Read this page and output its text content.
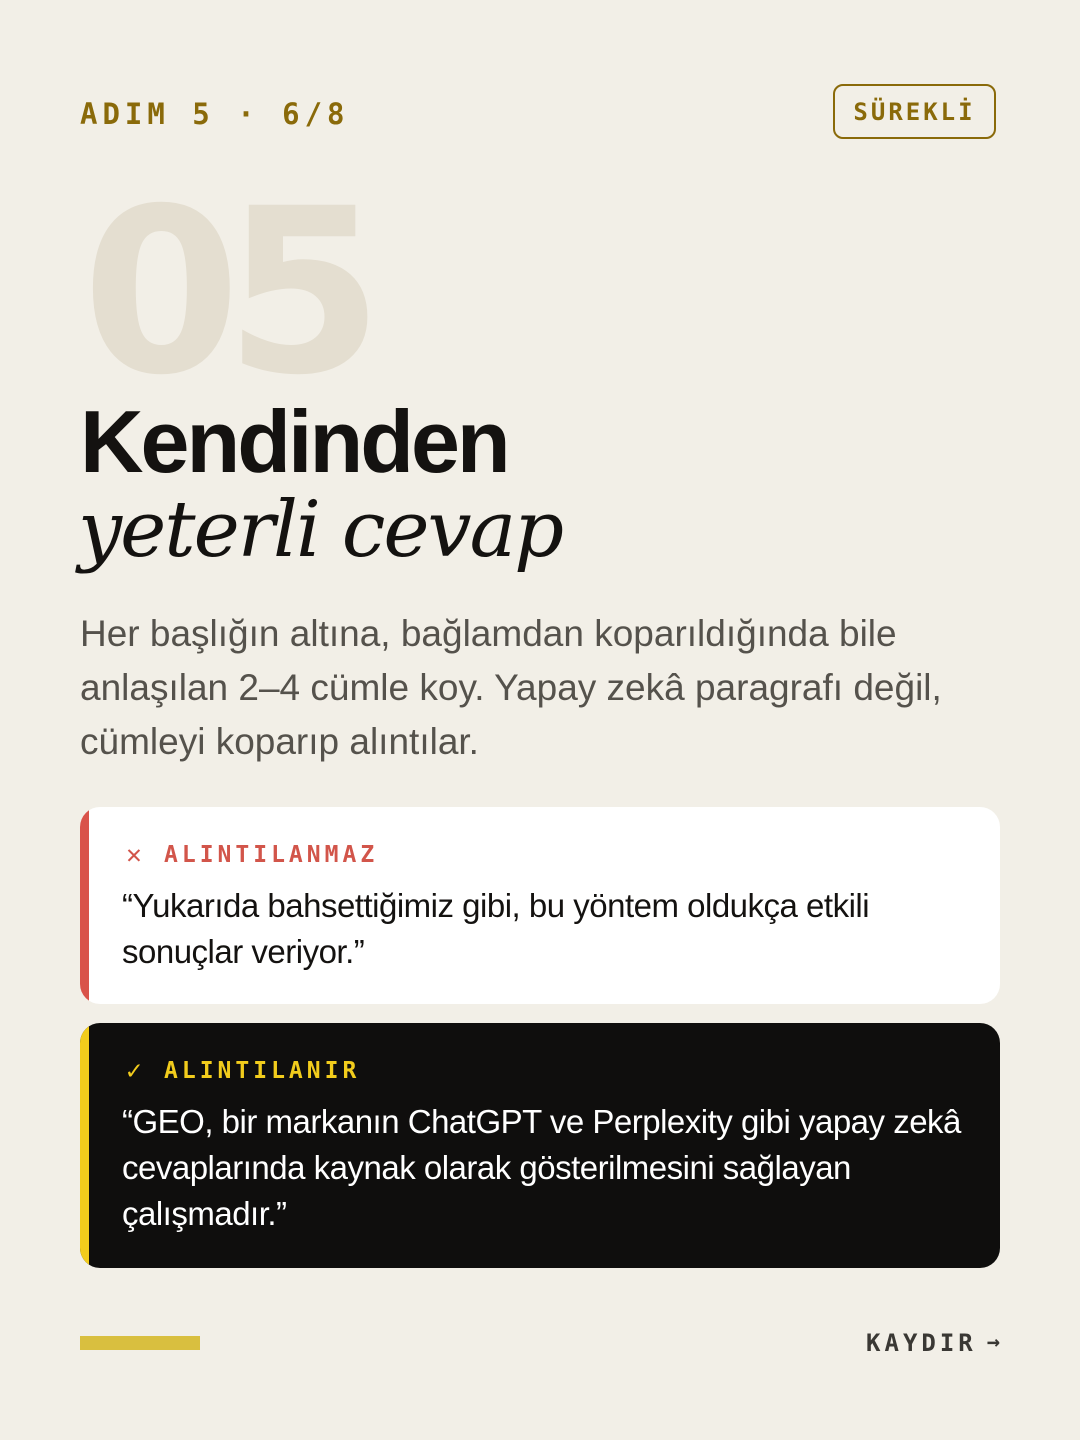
ADIM 5 · 6/8	SÜREKLİ
05
Kendinden
yeterli cevap
Her başlığın altına, bağlamdan koparıldığında bile anlaşılan 2–4 cümle koy. Yapay zekâ paragrafı değil, cümleyi koparıp alıntılar.
✕ ALINTILANMAZ
“Yukarıda bahsettiğimiz gibi, bu yöntem oldukça etkili sonuçlar veriyor.”
✓ ALINTILANIR
“GEO, bir markanın ChatGPT ve Perplexity gibi yapay zekâ cevaplarında kaynak olarak gösterilmesini sağlayan çalışmadır.”
KAYDIR →
